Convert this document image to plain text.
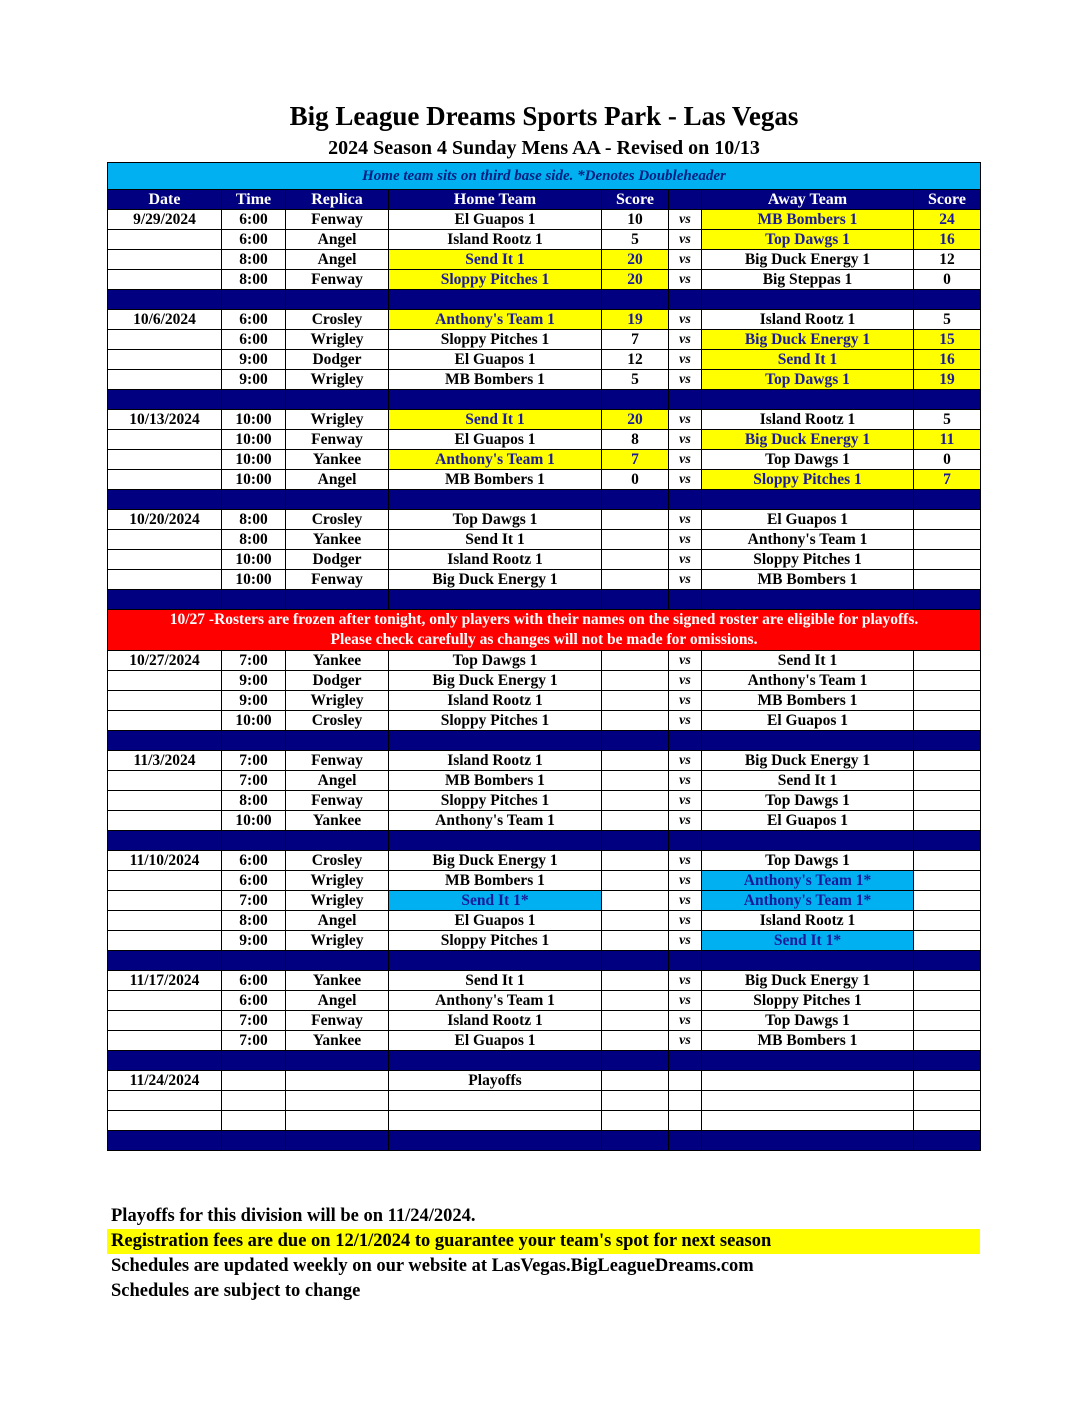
Big League Dreams Sports Park - Las Vegas
2024 Season 4 Sunday Mens AA - Revised on 10/13
Home team sits on third base side. *Denotes Doubleheader							
Date	Time	Replica	Home Team	Score		Away Team	Score
9/29/2024	6:00	Fenway	El Guapos 1	10	vs	MB Bombers 1	24
	6:00	Angel	Island Rootz 1	5	vs	Top Dawgs 1	16
	8:00	Angel	Send It 1	20	vs	Big Duck Energy 1	12
	8:00	Fenway	Sloppy Pitches 1	20	vs	Big Steppas 1	0

10/6/2024	6:00	Crosley	Anthony's Team 1	19	vs	Island Rootz 1	5
	6:00	Wrigley	Sloppy Pitches 1	7	vs	Big Duck Energy 1	15
	9:00	Dodger	El Guapos 1	12	vs	Send It 1	16
	9:00	Wrigley	MB Bombers 1	5	vs	Top Dawgs 1	19

10/13/2024	10:00	Wrigley	Send It 1	20	vs	Island Rootz 1	5
	10:00	Fenway	El Guapos 1	8	vs	Big Duck Energy 1	11
	10:00	Yankee	Anthony's Team 1	7	vs	Top Dawgs 1	0
	10:00	Angel	MB Bombers 1	0	vs	Sloppy Pitches 1	7

10/20/2024	8:00	Crosley	Top Dawgs 1		vs	El Guapos 1	
	8:00	Yankee	Send It 1		vs	Anthony's Team 1	
	10:00	Dodger	Island Rootz 1		vs	Sloppy Pitches 1	
	10:00	Fenway	Big Duck Energy 1		vs	MB Bombers 1	

10/27 -Rosters are frozen after tonight, only players with their names on the signed roster are eligible for playoffs.
Please check carefully as changes will not be made for omissions.							

10/27/2024	7:00	Yankee	Top Dawgs 1		vs	Send It 1	
	9:00	Dodger	Big Duck Energy 1		vs	Anthony's Team 1	
	9:00	Wrigley	Island Rootz 1		vs	MB Bombers 1	
	10:00	Crosley	Sloppy Pitches 1		vs	El Guapos 1	

11/3/2024	7:00	Fenway	Island Rootz 1		vs	Big Duck Energy 1	
	7:00	Angel	MB Bombers 1		vs	Send It 1	
	8:00	Fenway	Sloppy Pitches 1		vs	Top Dawgs 1	
	10:00	Yankee	Anthony's Team 1		vs	El Guapos 1	

11/10/2024	6:00	Crosley	Big Duck Energy 1		vs	Top Dawgs 1	
	6:00	Wrigley	MB Bombers 1		vs	Anthony's Team 1*	
	7:00	Wrigley	Send It 1*		vs	Anthony's Team 1*	
	8:00	Angel	El Guapos 1		vs	Island Rootz 1	
	9:00	Wrigley	Sloppy Pitches 1		vs	Send It 1*	

11/17/2024	6:00	Yankee	Send It 1		vs	Big Duck Energy 1	
	6:00	Angel	Anthony's Team 1		vs	Sloppy Pitches 1	
	7:00	Fenway	Island Rootz 1		vs	Top Dawgs 1	
	7:00	Yankee	El Guapos 1		vs	MB Bombers 1	

11/24/2024			Playoffs				

Playoffs for this division will be on 11/24/2024.
Registration fees are due on 12/1/2024 to guarantee your team's spot for next season
Schedules are updated weekly on our website at LasVegas.BigLeagueDreams.com
Schedules are subject to change
